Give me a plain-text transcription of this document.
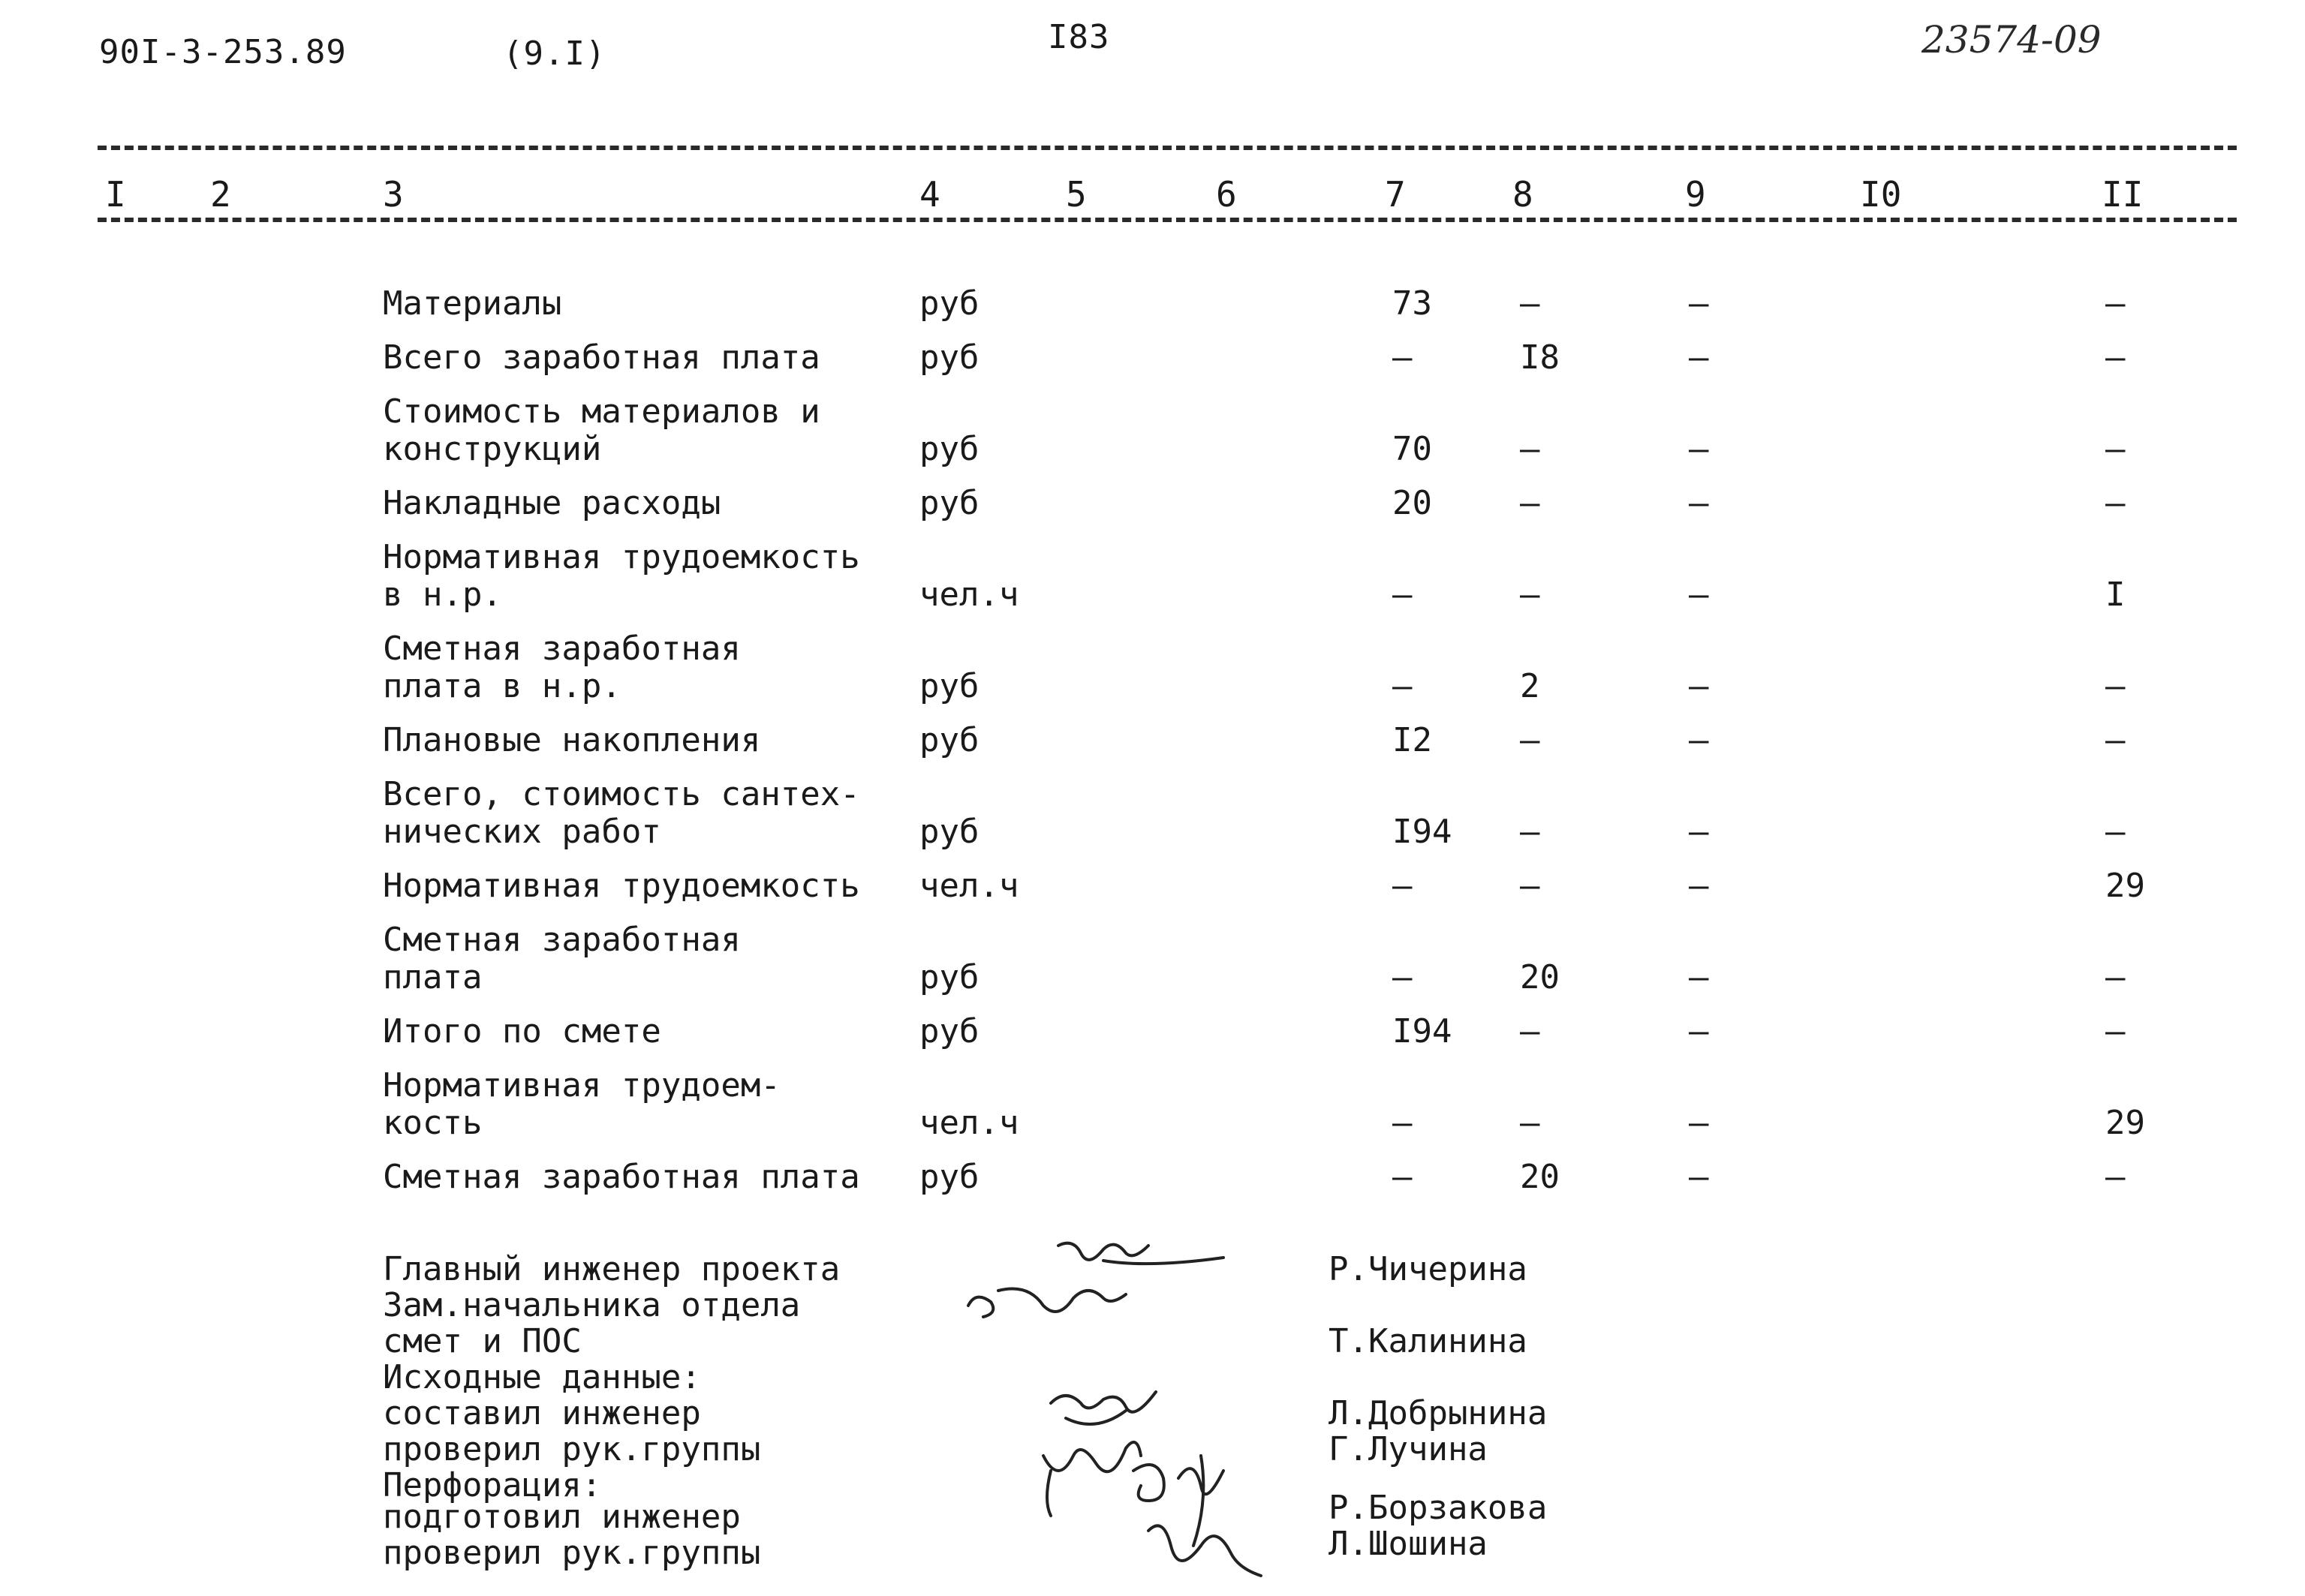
90I-3-253.89	(9.I)	I83	23574-09
I 2	3	4	5	6	7	8	9	I0	II
Материалы	руб	73	–	–	–
Всего заработная плата	руб	–	I8	–	–
Стоимость материалов и
конструкций	руб	70	–	–	–
Накладные расходы	руб	20	–	–	–
Нормативная трудоемкость
в н.р.	чел.ч	–	–	–	I
Сметная заработная
плата в н.р.	руб	–	2	–	–
Плановые накопления	руб	I2	–	–	–
Всего, стоимость сантех-
нических работ	руб	I94 –	–	–
Нормативная трудоемкость чел.ч	–	–	–	29
Сметная заработная
плата	руб	–	20	–	–
Итого по смете	руб	I94 –	–	–
Нормативная трудоем-
кость	чел.ч	–	–	–	29
Сметная заработная плата руб	–	20	–	–
Главный инженер проекта
Зам.начальника отдела
смет и ПОС
Исходные данные:
составил инженер
проверил рук.группы
Перфорация:
подготовил инженер
проверил рук.группы
Р.Чичерина
Т.Калинина
Л.Добрынина
Г.Лучина
Р.Борзакова
Л.Шошина
